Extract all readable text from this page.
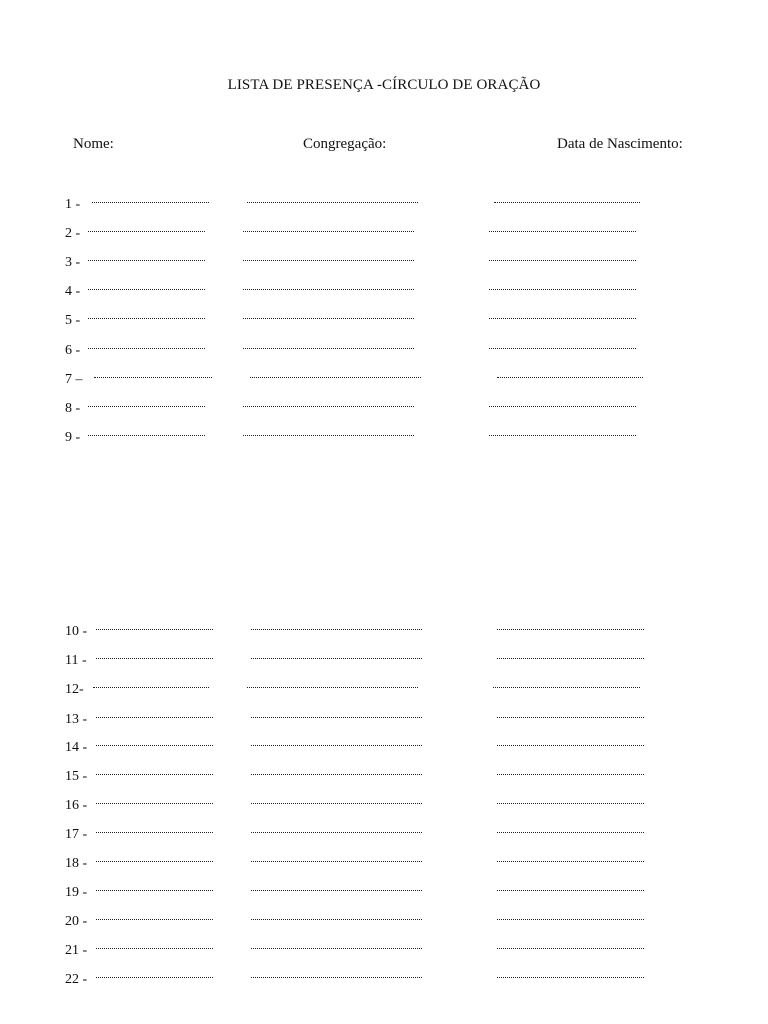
LISTA DE PRESENÇA -CÍRCULO DE ORAÇÃO
Nome:	Congregação:	Data de Nascimento:
1 -
2 -
3 -
4 -
5 -
6 -
7 –
8 -
9 -
10 -
11 -
12-
13 -
14 -
15 -
16 -
17 -
18 -
19 -
20 -
21 -
22 -
